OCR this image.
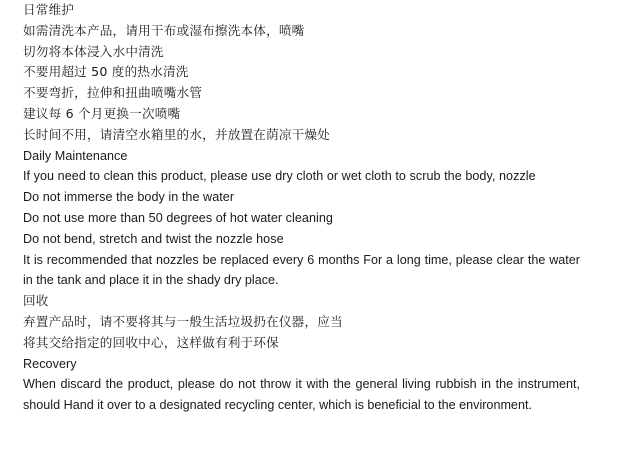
日常维护
如需清洗本产品，请用干布或湿布擦洗本体，喷嘴
切勿将本体浸入水中清洗
不要用超过 50 度的热水清洗
不要弯折，拉伸和扭曲喷嘴水管
建议每 6 个月更换一次喷嘴
长时间不用，请清空水箱里的水，并放置在荫凉干燥处
Daily Maintenance
If you need to clean this product, please use dry cloth or wet cloth to scrub the body, nozzle
Do not immerse the body in the water
Do not use more than 50 degrees of hot water cleaning
Do not bend, stretch and twist the nozzle hose

It is recommended that nozzles be replaced every 6 months For a long time, please clear the water in the tank and place it in the shady dry place.

回收
弃置产品时，请不要将其与一般生活垃圾扔在仪器，应当
将其交给指定的回收中心，这样做有利于环保
Recovery

When discard the product, please do not throw it with the general living rubbish in the instrument, should Hand it over to a designated recycling center, which is beneficial to the environment.
